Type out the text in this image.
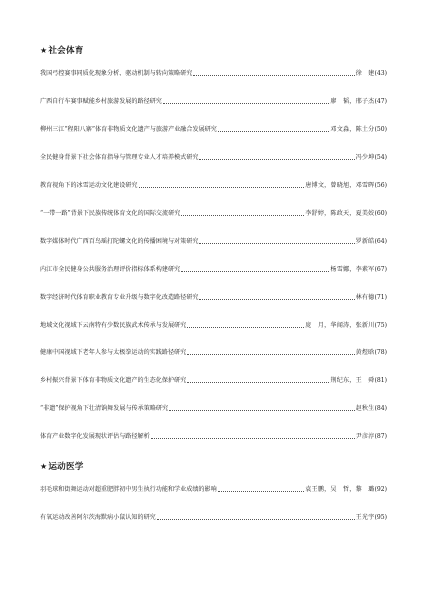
★社会体育
我国弓控赛事同质化现象分析、驱动机制与转向策略研究	徐　建 (43)
广西自行车赛事赋能乡村旅游发展的路径研究	廖　韬，邢子杰 (47)
柳州三江“程阳八寨”体育非物质文化遗产与旅游产业融合发展研究	邓文淼，陈土分 (50)
全民健身背景下社会体育指导与管理专业人才培养模式研究	冯少坤 (54)
教育视角下的冰雪运动文化建设研究	唐博文，曾晓旭，邓雪晖 (56)
“一带一路”背景下民族传统体育文化的国际交流研究	李舒婷，陈政天，夏美姣 (60)
数字媒体时代广西百鸟瑶打陀螺文化的传播困境与对策研究	罗新皓 (64)
内江市全民健身公共服务治理评价指标体系构建研究	杨雪娜，李素军 (67)
数字经济时代体育职业教育专业升级与数字化改造路径研究	林有德 (71)
地域文化视域下云南特有少数民族武术传承与发展研究	庞　月，华闻涛，张新川 (75)
健康中国视域下老年人参与太极拳运动的实践路径研究	黄煜晗 (78)
乡村振兴背景下体育非物质文化遗产的生态化保护研究	荆纪东，王　舜 (81)
“非遗”保护视角下壮清饷舞发展与传承策略研究	赵秋生 (84)
体育产业数字化发展现状评估与路径解析	尹彦淳 (87)
★运动医学
羽毛球和街舞运动对超重肥胖初中男生执行功能和学业成绩的影响	袁王鹏，吴　哲，黎　璐 (92)
有氧运动改善阿尔茨海默病小鼠认知的研究	王光宇 (95)
